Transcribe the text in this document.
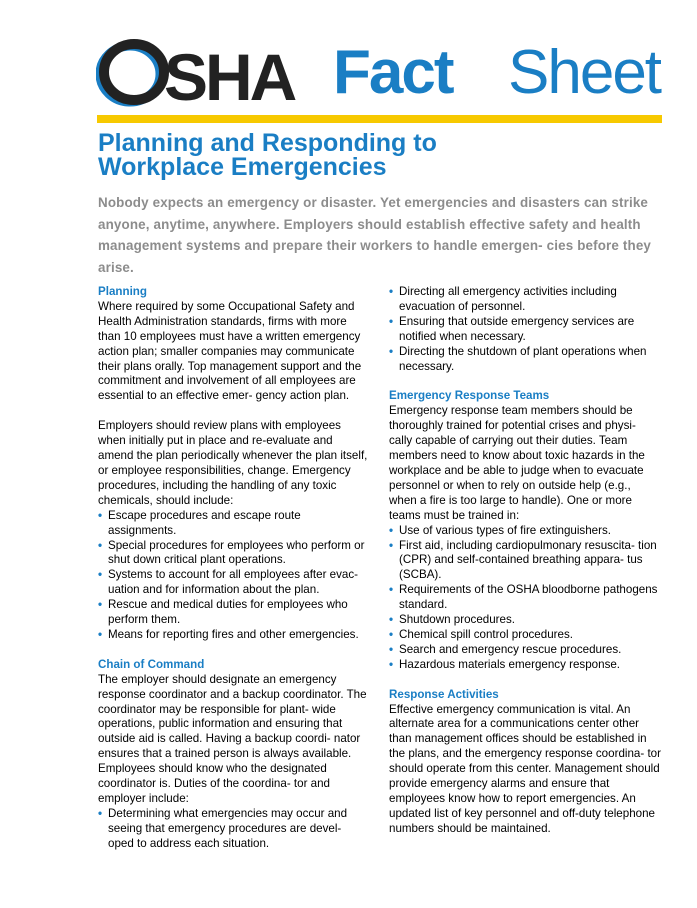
SHA Fact Sheet
Planning and Responding to
Workplace Emergencies

Nobody expects an emergency or disaster. Yet emergencies and disasters can strike anyone, anytime, anywhere. Employers should establish effective safety and health management systems and prepare their workers to handle emergen- cies before they arise.

Planning

Where required by some Occupational Safety and Health Administration standards, firms with more than 10 employees must have a written emergency action plan; smaller companies may communicate their plans orally. Top management support and the commitment and involvement of all employees are essential to an effective emer- gency action plan.

Employers should review plans with employees when initially put in place and re-evaluate and amend the plan periodically whenever the plan itself, or employee responsibilities, change. Emergency procedures, including the handling of any toxic chemicals, should include:

• Escape procedures and escape route assignments.
• Special procedures for employees who perform or shut down critical plant operations.
• Systems to account for all employees after evac- uation and for information about the plan.
• Rescue and medical duties for employees who perform them.
• Means for reporting fires and other emergencies.
Chain of Command

The employer should designate an emergency response coordinator and a backup coordinator. The coordinator may be responsible for plant- wide operations, public information and ensuring that outside aid is called. Having a backup coordi- nator ensures that a trained person is always available. Employees should know who the designated coordinator is. Duties of the coordina- tor and employer include:

• Determining what emergencies may occur and seeing that emergency procedures are devel- oped to address each situation.
• Directing all emergency activities including evacuation of personnel.
• Ensuring that outside emergency services are notified when necessary.
• Directing the shutdown of plant operations when necessary.
Emergency Response Teams

Emergency response team members should be thoroughly trained for potential crises and physi- cally capable of carrying out their duties. Team members need to know about toxic hazards in the workplace and be able to judge when to evacuate personnel or when to rely on outside help (e.g., when a fire is too large to handle). One or more teams must be trained in:

• Use of various types of fire extinguishers.
• First aid, including cardiopulmonary resuscita- tion (CPR) and self-contained breathing appara- tus (SCBA).
• Requirements of the OSHA bloodborne pathogens standard.
• Shutdown procedures.
• Chemical spill control procedures.
• Search and emergency rescue procedures.
• Hazardous materials emergency response.
Response Activities

Effective emergency communication is vital. An alternate area for a communications center other than management offices should be established in the plans, and the emergency response coordina- tor should operate from this center. Management should provide emergency alarms and ensure that employees know how to report emergencies. An updated list of key personnel and off-duty telephone numbers should be maintained.
